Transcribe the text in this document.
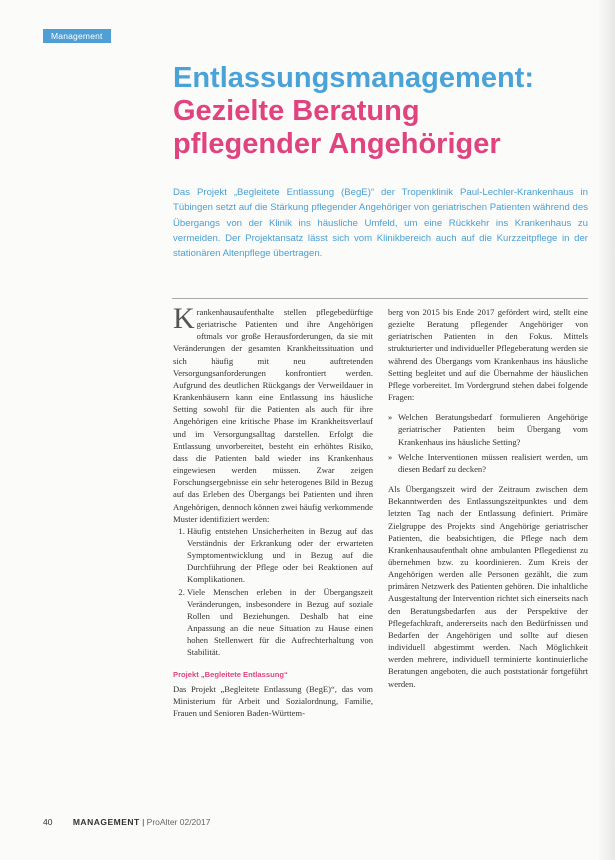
Management
Entlassungsmanagement:
Gezielte Beratung
pflegender Angehöriger

Das Projekt „Begleitete Entlassung (BegE)“ der Tropenklinik Paul-Lechler-Krankenhaus in Tübingen setzt auf die Stärkung pflegender Angehöriger von geriatrischen Patienten während des Übergangs von der Klinik ins häusliche Umfeld, um eine Rückkehr ins Krankenhaus zu vermeiden. Der Projektansatz lässt sich vom Klinikbereich auch auf die Kurzzeitpflege in der stationären Altenpflege übertragen.

Krankenhausaufenthalte stellen pflegebedürftige geriatrische Patienten und ihre Angehörigen oftmals vor große Herausforderungen, da sie mit Veränderungen der gesamten Krankheitssituation und sich häufig mit neu auftretenden Versorgungsanforderungen konfrontiert werden. Aufgrund des deutlichen Rückgangs der Verweildauer in Krankenhäusern kann eine Entlassung ins häusliche Setting sowohl für die Patienten als auch für ihre Angehörigen eine kritische Phase im Krankheitsverlauf und im Versorgungsalltag darstellen. Erfolgt die Entlassung unvorbereitet, besteht ein erhöhtes Risiko, dass die Patienten bald wieder ins Krankenhaus eingewiesen werden müssen. Zwar zeigen Forschungsergebnisse ein sehr heterogenes Bild in Bezug auf das Erleben des Übergangs bei Patienten und ihren Angehörigen, dennoch können zwei häufig verkommende Muster identifiziert werden:

1. Häufig entstehen Unsicherheiten in Bezug auf das Verständnis der Erkrankung oder der erwarteten Symptomentwicklung und in Bezug auf die Durchführung der Pflege oder bei Reaktionen auf Komplikationen.
2. Viele Menschen erleben in der Übergangszeit Veränderungen, insbesondere in Bezug auf soziale Rollen und Beziehungen. Deshalb hat eine Anpassung an die neue Situation zu Hause einen hohen Stellenwert für die Aufrechterhaltung von Stabilität.
Projekt „Begleitete Entlassung“

Das Projekt „Begleitete Entlassung (BegE)“, das vom Ministerium für Arbeit und Sozialordnung, Familie, Frauen und Senioren Baden-Württem-

berg von 2015 bis Ende 2017 gefördert wird, stellt eine gezielte Beratung pflegender Angehöriger von geriatrischen Patienten in den Fokus. Mittels strukturierter und individueller Pflegeberatung werden sie während des Übergangs vom Krankenhaus ins häusliche Setting begleitet und auf die Übernahme der häuslichen Pflege vorbereitet. Im Vordergrund stehen dabei folgende Fragen:

» Welchen Beratungsbedarf formulieren Angehörige geriatrischer Patienten beim Übergang vom Krankenhaus ins häusliche Setting?
» Welche Interventionen müssen realisiert werden, um diesen Bedarf zu decken?

Als Übergangszeit wird der Zeitraum zwischen dem Bekanntwerden des Entlassungszeitpunktes und dem letzten Tag nach der Entlassung definiert. Primäre Zielgruppe des Projekts sind Angehörige geriatrischer Patienten, die beabsichtigen, die Pflege nach dem Krankenhausaufenthalt ohne ambulanten Pflegedienst zu übernehmen bzw. zu koordinieren. Zum Kreis der Angehörigen werden alle Personen gezählt, die zum primären Netzwerk des Patienten gehören. Die inhaltliche Ausgestaltung der Intervention richtet sich einerseits nach den Beratungsbedarfen aus der Perspektive der Pflegefachkraft, andererseits nach den Bedürfnissen und Bedarfen der Angehörigen und sollte auf diesen individuell abgestimmt werden. Nach Möglichkeit werden mehrere, individuell terminierte kontinuierliche Beratungen angeboten, die auch poststationär fortgeführt werden.

40 MANAGEMENT | ProAlter 02/2017
